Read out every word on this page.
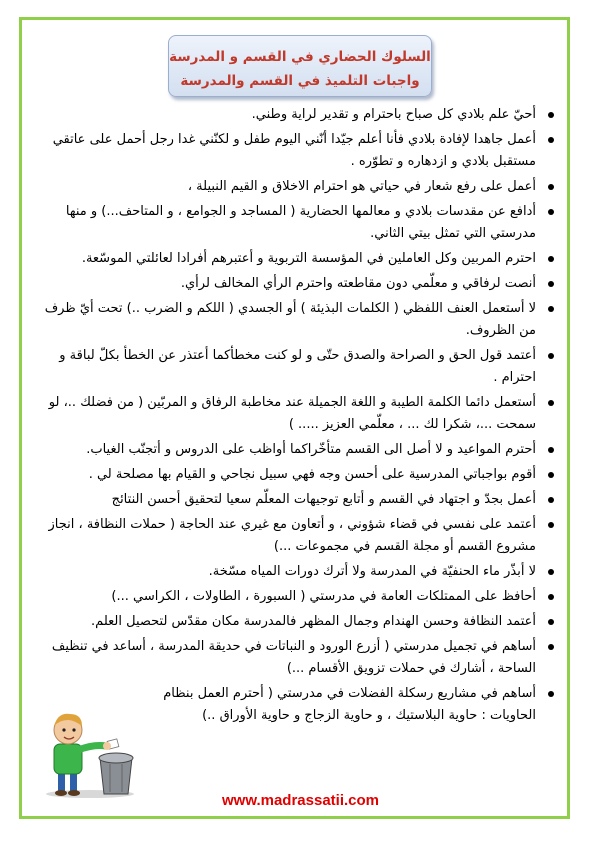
السلوك الحضاري في القسم و المدرسة
واجبات التلميذ في القسم والمدرسة
أحيّ علم بلادي كل صباح باحترام و تقدير لراية وطني.
أعمل جاهدا لإفادة بلادي فأنا أعلم جيّدا أنّني اليوم طفل و لكنّني غدا رجل أحمل على عاتقي مستقبل بلادي و ازدهاره و تطوّره .
أعمل على رفع شعار في حياتي هو احترام الاخلاق و القيم النبيلة ،
أدافع عن مقدسات بلادي و معالمها الحضارية ( المساجد و الجوامع ، و المتاحف...) و منها مدرستي التي تمثل بيتي الثاني.
احترم المربين وكل العاملين في المؤسسة التربوية و أعتبرهم أفرادا لعائلتي الموسّعة.
أنصت لرفاقي و معلّمي دون مقاطعته واحترم الرأي المخالف لرأي.
لا أستعمل العنف اللفظي ( الكلمات البذيئة ) أو الجسدي ( اللكم و الضرب ..) تحت أيّ ظرف من الظروف.
أعتمد قول الحق و الصراحة والصدق حتّى و لو كنت مخطأكما أعتذر عن الخطأ بكلّ لباقة و احترام .
أستعمل دائما الكلمة الطيبة و اللغة الجميلة عند مخاطبة الرفاق و المربّين ( من فضلك ..، لو سمحت ...، شكرا لك ... ، معلّمي العزيز ..... )
أحترم المواعيد و لا أصل الى القسم متأخّراكما أواظب على الدروس و أتجنّب الغياب.
أقوم بواجباتي المدرسية على أحسن وجه فهي سبيل نجاحي و القيام بها مصلحة لي .
أعمل بجدّ و اجتهاد في القسم و أتابع توجيهات المعلّم سعيا لتحقيق أحسن النتائج
أعتمد على نفسي في قضاء شؤوني ، و أتعاون مع غيري عند الحاجة ( حملات النظافة ، انجاز مشروع القسم أو مجلة القسم في مجموعات ...)
لا أبذّر ماء الحنفيّة في المدرسة ولا أترك دورات المياه مسّخة.
أحافظ على الممتلكات العامة في مدرستي ( السبورة ، الطاولات ، الكراسي ...)
أعتمد النظافة وحسن الهندام وجمال المظهر فالمدرسة مكان مقدّس لتحصيل العلم.
أساهم في تجميل مدرستي ( أزرع الورود و النباتات في حديقة المدرسة ، أساعد في تنظيف الساحة ، أشارك في حملات تزويق الأقسام ...)
أساهم في مشاريع رسكلة الفضلات في مدرستي ( أحترم العمل بنظام الحاويات : حاوية البلاستيك ، و حاوية الزجاج و حاوية الأوراق ..)
www.madrassatii.com
